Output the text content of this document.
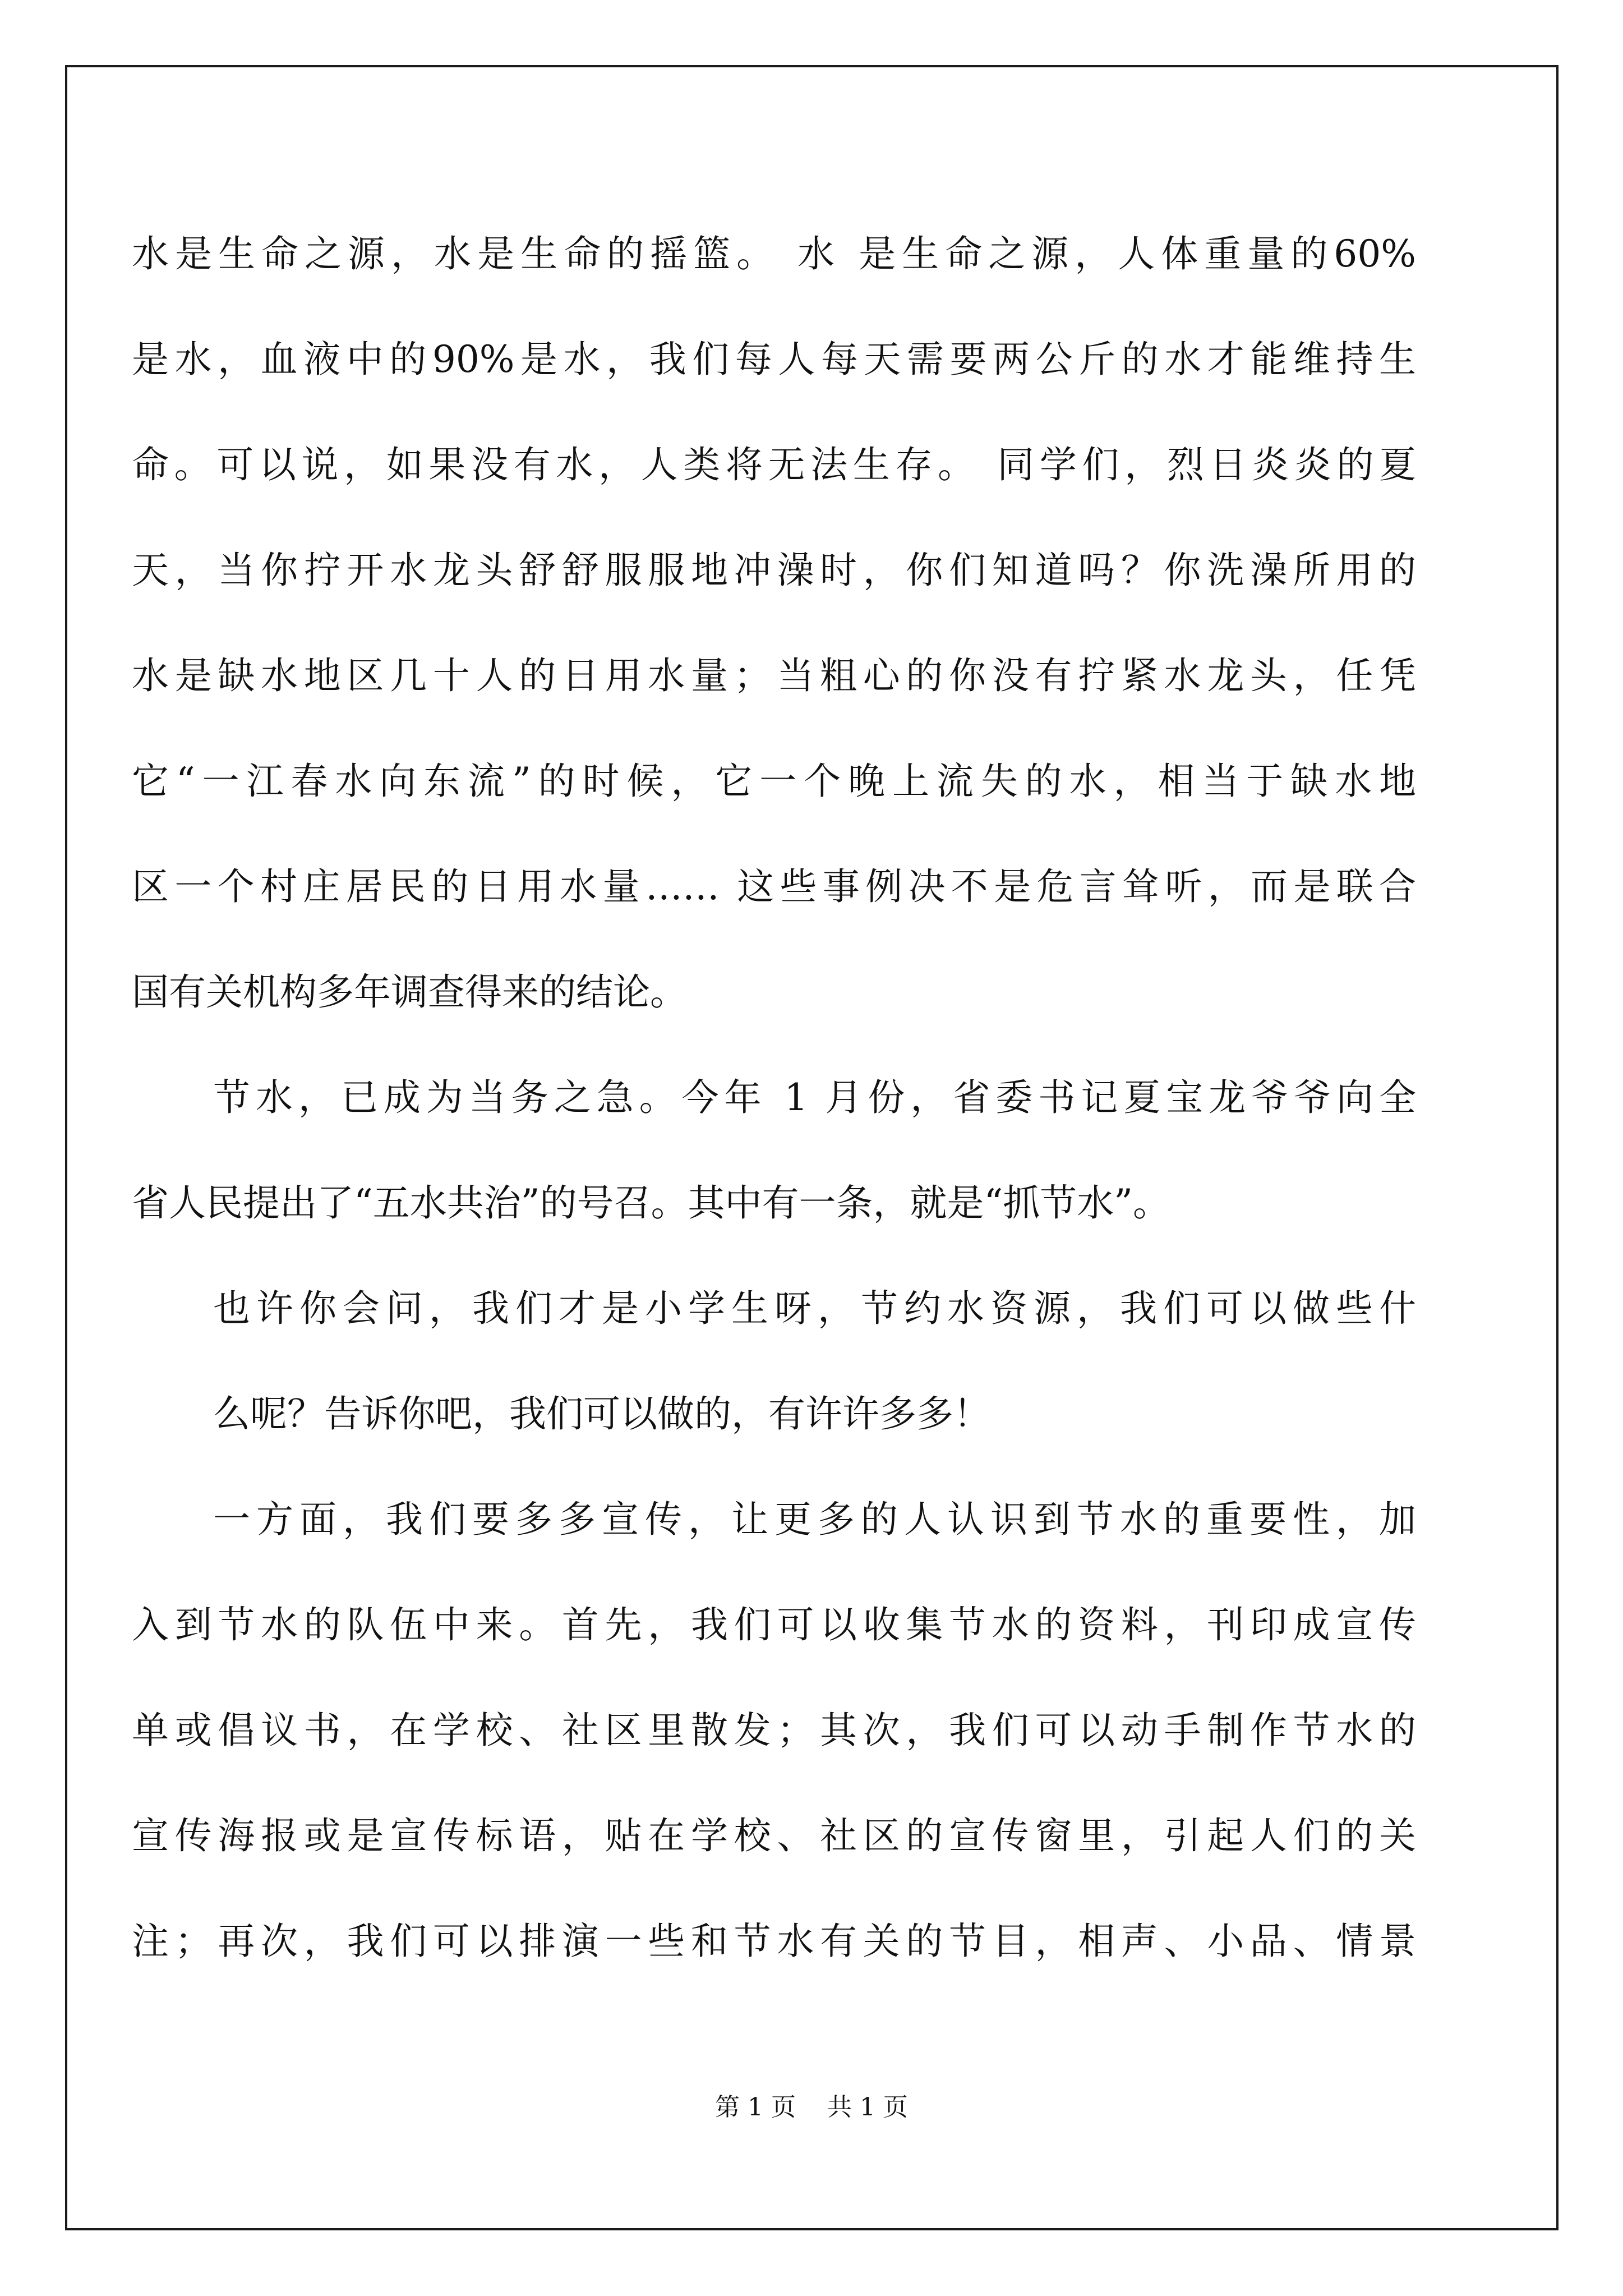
水是生命之源，水是生命的摇篮。 水 是生命之源，人体重量的60%
是水，血液中的90%是水，我们每人每天需要两公斤的水才能维持生
命。可以说，如果没有水，人类将无法生存。 同学们，烈日炎炎的夏
天，当你拧开水龙头舒舒服服地冲澡时，你们知道吗？你洗澡所用的
水是缺水地区几十人的日用水量；当粗心的你没有拧紧水龙头，任凭
它“一江春水向东流”的时候，它一个晚上流失的水，相当于缺水地
区一个村庄居民的日用水量…… 这些事例决不是危言耸听，而是联合
国有关机构多年调查得来的结论。
节水，已成为当务之急。今年 1 月份，省委书记夏宝龙爷爷向全
省人民提出了“五水共治”的号召。其中有一条，就是“抓节水”。
也许你会问，我们才是小学生呀，节约水资源，我们可以做些什
么呢？告诉你吧，我们可以做的，有许许多多！
一方面，我们要多多宣传，让更多的人认识到节水的重要性，加
入到节水的队伍中来。首先，我们可以收集节水的资料，刊印成宣传
单或倡议书，在学校、社区里散发；其次，我们可以动手制作节水的
宣传海报或是宣传标语，贴在学校、社区的宣传窗里，引起人们的关
注；再次，我们可以排演一些和节水有关的节目，相声、小品、情景
第 1 页    共 1 页
